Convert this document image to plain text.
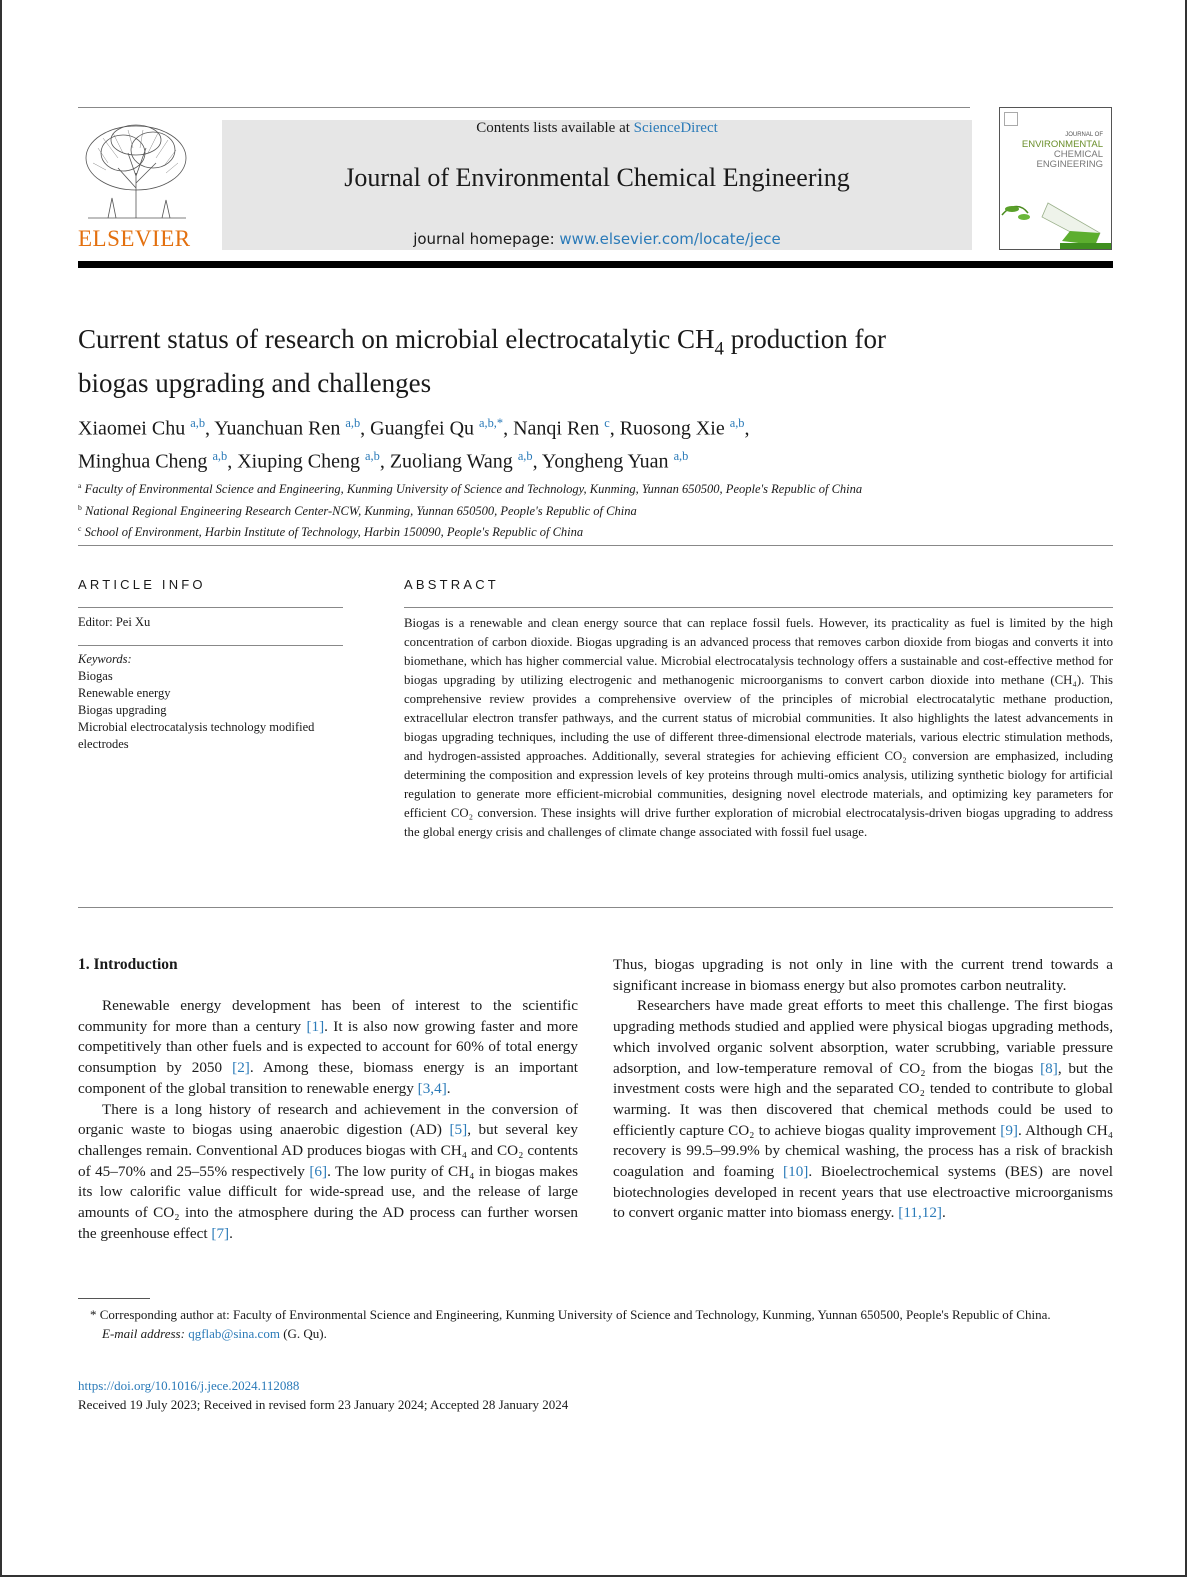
ELSEVIER
Contents lists available at ScienceDirect
Journal of Environmental Chemical Engineering
journal homepage: www.elsevier.com/locate/jece
JOURNAL OF
ENVIRONMENTAL
CHEMICAL
ENGINEERING
Current status of research on microbial electrocatalytic $CH_4$ production for
biogas upgrading and challenges
Xiaomei Chu $^{a,b}$, Yuanchuan Ren $^{a,b}$, Guangfei Qu $^{a,b,*}$, Nanqi Ren $^c$, Ruosong Xie $^{a,b}$,
Minghua Cheng $^{a,b}$, Xiuping Cheng $^{a,b}$, Zuoliang Wang $^{a,b}$, Yongheng Yuan $^{a,b}$
$^a$ Faculty of Environmental Science and Engineering, Kunming University of Science and Technology, Kunming, Yunnan 650500, People's Republic of China
$^b$ National Regional Engineering Research Center-NCW, Kunming, Yunnan 650500, People's Republic of China
$^c$ School of Environment, Harbin Institute of Technology, Harbin 150090, People's Republic of China
ARTICLE INFO
Editor: Pei Xu
Keywords:
Biogas
Renewable energy
Biogas upgrading
Microbial electrocatalysis technology modified electrodes
ABSTRACT
Biogas is a renewable and clean energy source that can replace fossil fuels. However, its practicality as fuel is limited by the high concentration of carbon dioxide. Biogas upgrading is an advanced process that removes carbon dioxide from biogas and converts it into biomethane, which has higher commercial value. Microbial electrocatalysis technology offers a sustainable and cost-effective method for biogas upgrading by utilizing electrogenic and methanogenic microorganisms to convert carbon dioxide into methane (CH₄). This comprehensive review provides a comprehensive overview of the principles of microbial electrocatalytic methane production, extracellular electron transfer pathways, and the current status of microbial communities. It also highlights the latest advancements in biogas upgrading techniques, including the use of different three-dimensional electrode materials, various electric stimulation methods, and hydrogen-assisted approaches. Additionally, several strategies for achieving efficient CO₂ conversion are emphasized, including determining the composition and expression levels of key proteins through multi-omics analysis, utilizing synthetic biology for artificial regulation to generate more efficient-microbial communities, designing novel electrode materials, and optimizing key parameters for efficient CO₂ conversion. These insights will drive further exploration of microbial electrocatalysis-driven biogas upgrading to address the global energy crisis and challenges of climate change associated with fossil fuel usage.
1. Introduction

Renewable energy development has been of interest to the scientific community for more than a century [1]. It is also now growing faster and more competitively than other fuels and is expected to account for 60% of total energy consumption by 2050 [2]. Among these, biomass energy is an important component of the global transition to renewable energy [3,4].

There is a long history of research and achievement in the conversion of organic waste to biogas using anaerobic digestion (AD) [5], but several key challenges remain. Conventional AD produces biogas with CH₄ and CO₂ contents of 45–70% and 25–55% respectively [6]. The low purity of CH₄ in biogas makes its low calorific value difficult for wide-spread use, and the release of large amounts of CO₂ into the atmosphere during the AD process can further worsen the greenhouse effect [7].

Thus, biogas upgrading is not only in line with the current trend towards a significant increase in biomass energy but also promotes carbon neutrality.

Researchers have made great efforts to meet this challenge. The first biogas upgrading methods studied and applied were physical biogas upgrading methods, which involved organic solvent absorption, water scrubbing, variable pressure adsorption, and low-temperature removal of CO₂ from the biogas [8], but the investment costs were high and the separated CO₂ tended to contribute to global warming. It was then discovered that chemical methods could be used to efficiently capture CO₂ to achieve biogas quality improvement [9]. Although CH₄ recovery is 99.5–99.9% by chemical washing, the process has a risk of brackish coagulation and foaming [10]. Bioelectrochemical systems (BES) are novel biotechnologies developed in recent years that use electroactive microorganisms to convert organic matter into biomass energy. [11,12].

* Corresponding author at: Faculty of Environmental Science and Engineering, Kunming University of Science and Technology, Kunming, Yunnan 650500, People's Republic of China.
E-mail address: qgflab@sina.com (G. Qu).
https://doi.org/10.1016/j.jece.2024.112088
Received 19 July 2023; Received in revised form 23 January 2024; Accepted 28 January 2024
